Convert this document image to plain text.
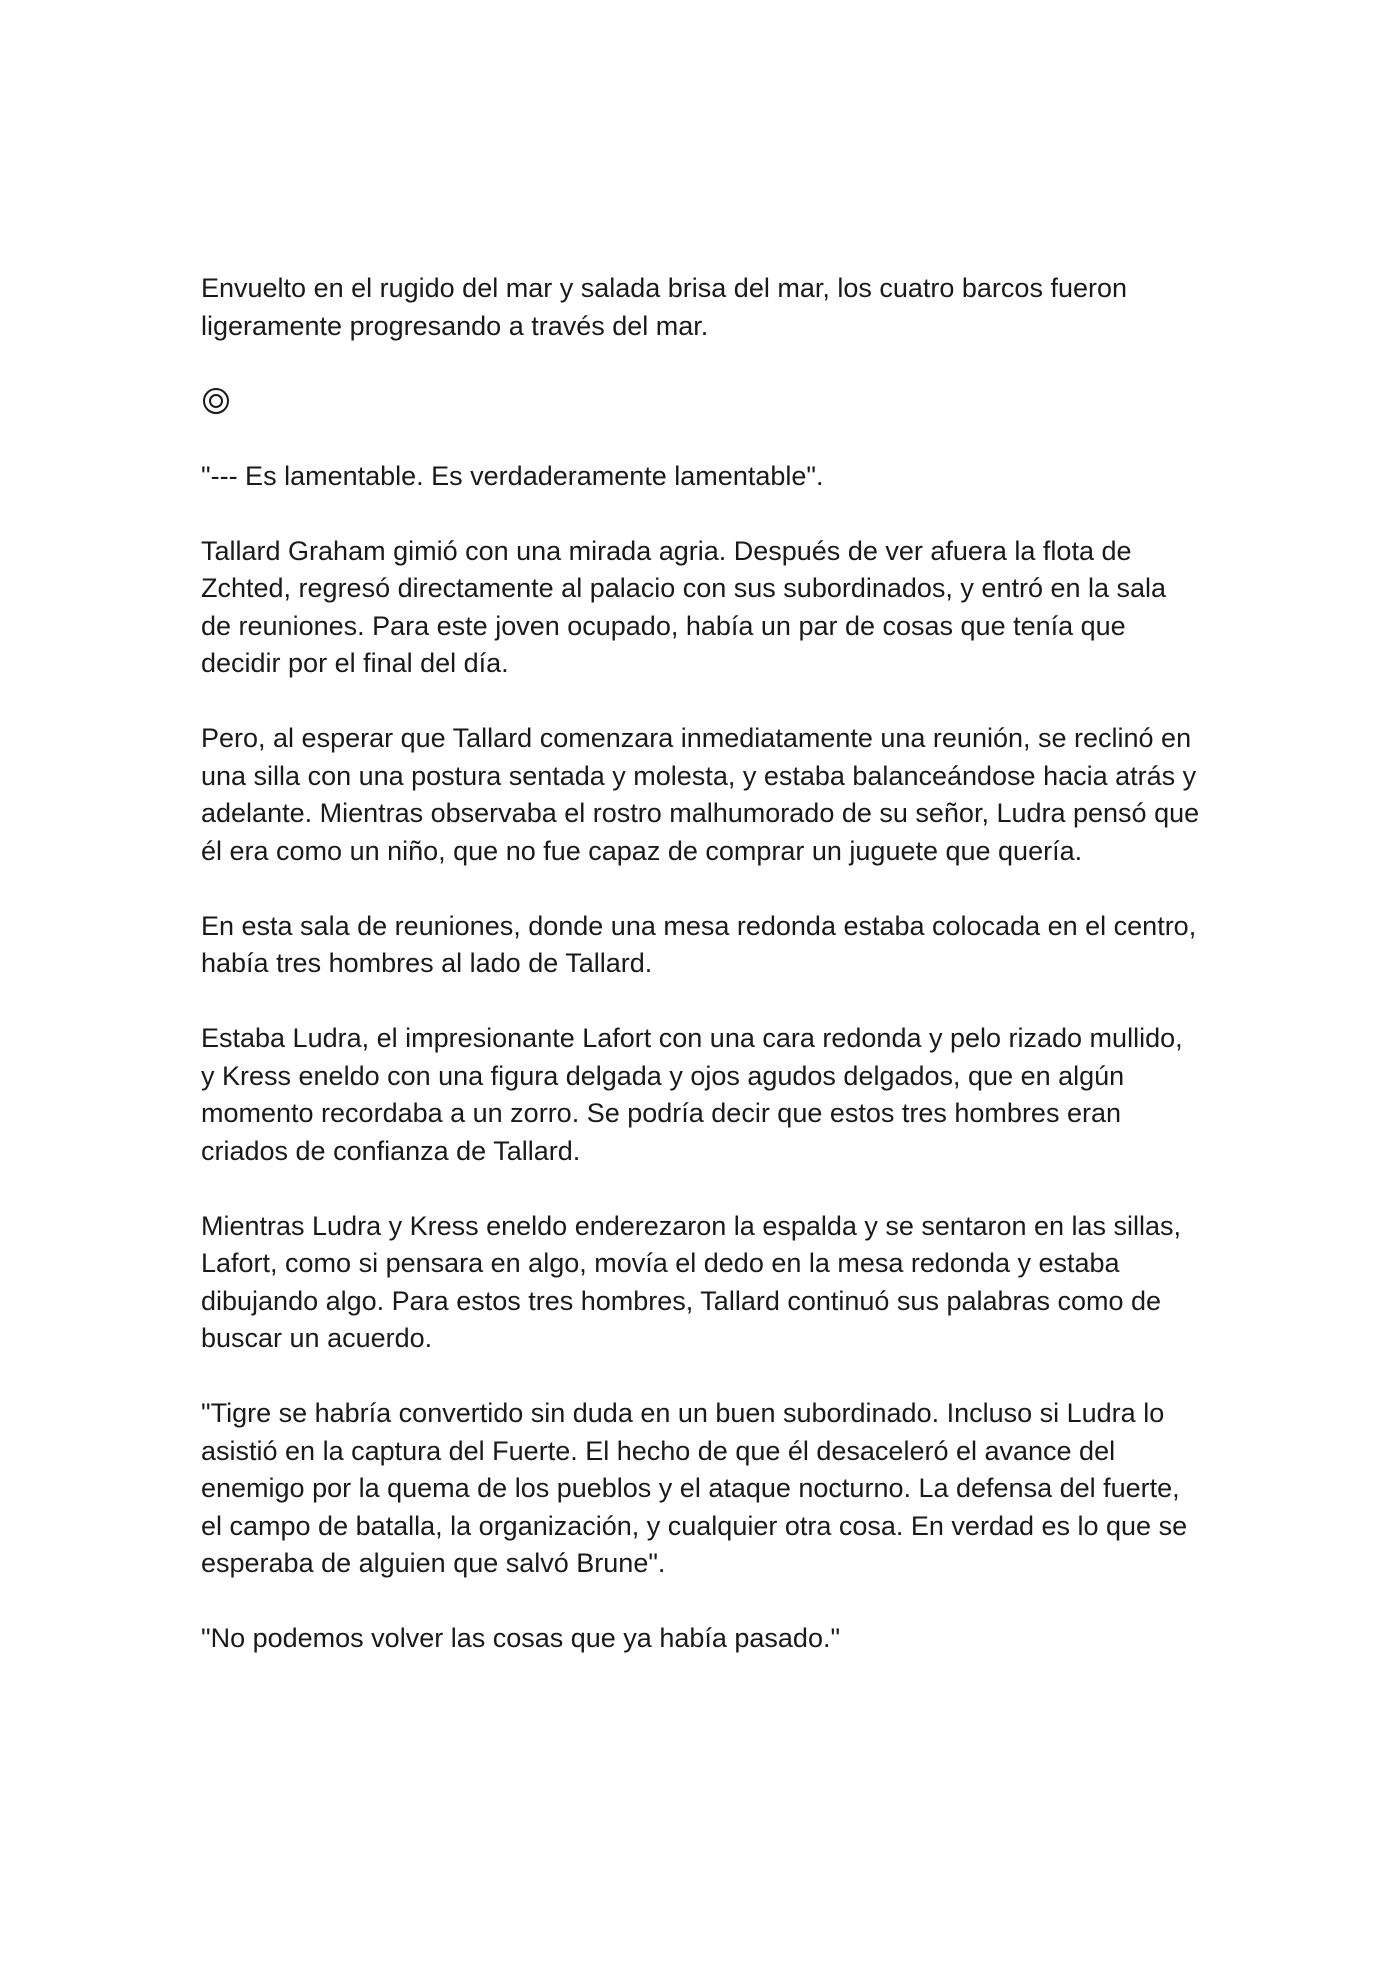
Envuelto en el rugido del mar y salada brisa del mar, los cuatro barcos fueron ligeramente progresando a través del mar.

"--- Es lamentable. Es verdaderamente lamentable".

Tallard Graham gimió con una mirada agria. Después de ver afuera la flota de Zchted, regresó directamente al palacio con sus subordinados, y entró en la sala de reuniones. Para este joven ocupado, había un par de cosas que tenía que decidir por el final del día.

Pero, al esperar que Tallard comenzara inmediatamente una reunión, se reclinó en una silla con una postura sentada y molesta, y estaba balanceándose hacia atrás y adelante. Mientras observaba el rostro malhumorado de su señor, Ludra pensó que él era como un niño, que no fue capaz de comprar un juguete que quería.

En esta sala de reuniones, donde una mesa redonda estaba colocada en el centro, había tres hombres al lado de Tallard.

Estaba Ludra, el impresionante Lafort con una cara redonda y pelo rizado mullido, y Kress eneldo con una figura delgada y ojos agudos delgados, que en algún momento recordaba a un zorro. Se podría decir que estos tres hombres eran criados de confianza de Tallard.

Mientras Ludra y Kress eneldo enderezaron la espalda y se sentaron en las sillas, Lafort, como si pensara en algo, movía el dedo en la mesa redonda y estaba dibujando algo. Para estos tres hombres, Tallard continuó sus palabras como de buscar un acuerdo.

"Tigre se habría convertido sin duda en un buen subordinado. Incluso si Ludra lo asistió en la captura del Fuerte. El hecho de que él desaceleró el avance del enemigo por la quema de los pueblos y el ataque nocturno. La defensa del fuerte, el campo de batalla, la organización, y cualquier otra cosa. En verdad es lo que se esperaba de alguien que salvó Brune".

"No podemos volver las cosas que ya había pasado."
